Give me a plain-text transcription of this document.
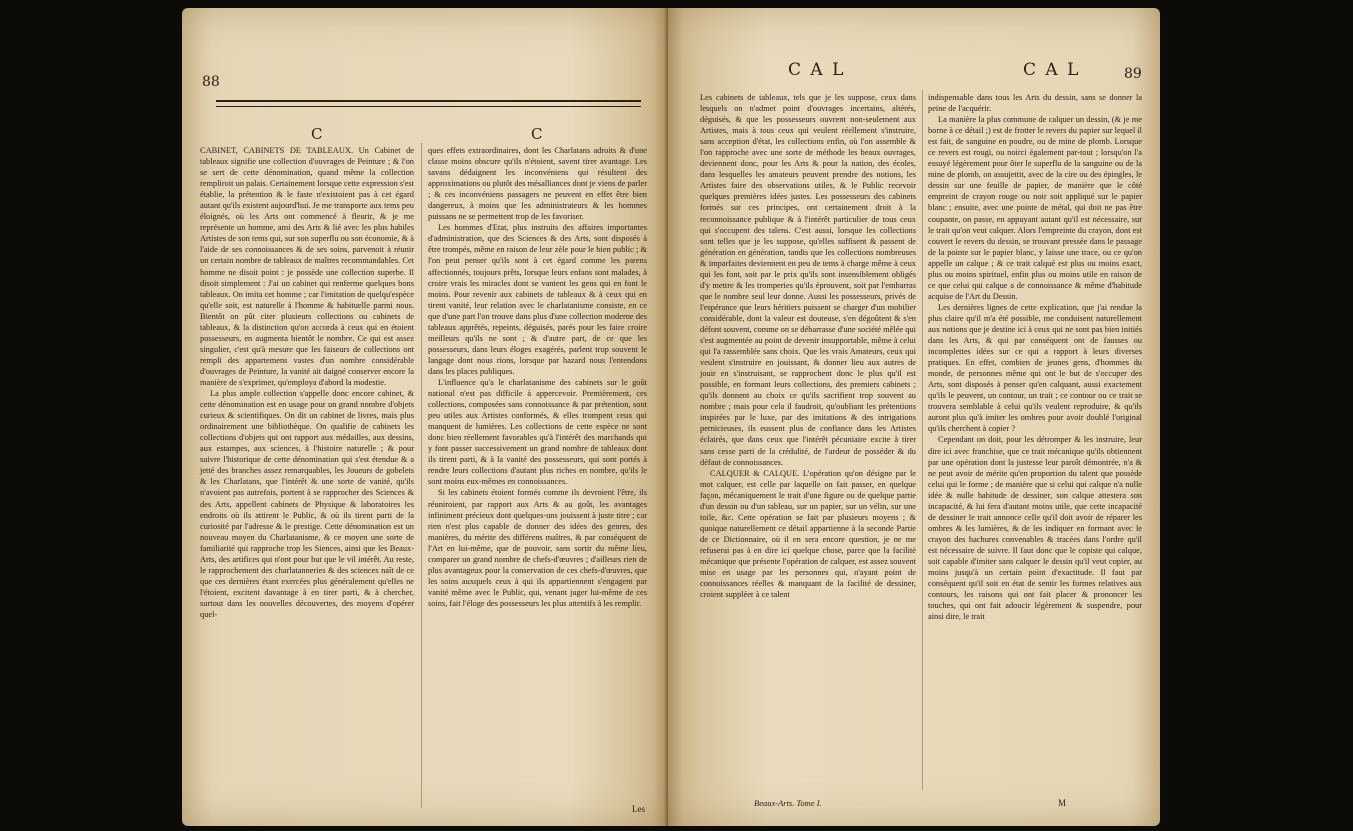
88
C	C

CABINET, CABINETS DE TABLEAUX. Un Cabinet de tableaux signifie une collection d'ouvrages de Peinture ; & l'on se sert de cette dénomination, quand même la collection rempliroit un palais. Certainement lorsque cette expression s'est établie, la prétention & le faste n'existoient pas à cet égard autant qu'ils existent aujourd'hui. Je me transporte aux tems peu éloignés, où les Arts ont commencé à fleurir, & je me représente un homme, ami des Arts & lié avec les plus habiles Artistes de son tems qui, sur son superflu ou son économie, & à l'aide de ses connoissances & de ses soins, parvenoit à réunir un certain nombre de tableaux de maîtres recommandables. Cet homme ne disoit point : je possède une collection superbe. Il disoit simplement : J'ai un cabinet qui renferme quelques bons tableaux. On imita cet homme ; car l'imitation de quelqu'espèce qu'elle soit, est naturelle à l'homme & habituelle parmi nous. Bientôt on pût citer plusieurs collections ou cabinets de tableaux, & la distinction qu'on accorda à ceux qui en étoient possesseurs, en augmenta bientôt le nombre. Ce qui est assez singulier, c'est qu'à mesure que les faiseurs de collections ont rempli des appartemens vastes d'un nombre considérable d'ouvrages de Peinture, la vanité ait daigné conserver encore la manière de s'exprimer, qu'employa d'abord la modestie.

La plus ample collection s'appelle donc encore cabinet, & cette dénomination est en usage pour un grand nombre d'objets curieux & scientifiques. On dit un cabinet de livres, mais plus ordinairement une bibliothèque. On qualifie de cabinets les collections d'objets qui ont rapport aux médailles, aux dessins, aux estampes, aux sciences, à l'histoire naturelle ; & pour suivre l'historique de cette dénomination qui s'est étendue & a jetté des branches assez remarquables, les Joueurs de gobelets & les Charlatans, que l'intérêt & une sorte de vanité, qu'ils n'avoient pas autrefois, portent à se rapprocher des Sciences & des Arts, appellent cabinets de Physique & laboratoires les endroits où ils attirent le Public, & où ils tirent parti de la curiosité par l'adresse & le prestige. Cette dénomination est un nouveau moyen du Charlatanisme, & ce moyen une sorte de familiarité qui rapproche trop les Siences, ainsi que les Beaux-Arts, des artifices qui n'ont pour but que le vil intérêt. Au reste, le rapprochement des charlatanneries & des sciences naît de ce que ces dernières étant exercées plus généralement qu'elles ne l'étoient, excitent davantage à en tirer parti, & à chercher, surtout dans les nouvelles découvertes, des moyens d'opérer quel-

ques effets extraordinaires, dont les Charlatans adroits & d'une classe moins obscure qu'ils n'étoient, savent tirer avantage. Les savans dédaignent les inconvéniens qui résultent des approximations ou plutôt des mésalliances dont je viens de parler ; & ces inconvéniens passagers ne peuvent en effet être bien dangereux, à moins que les administrateurs & les hommes puissans ne se permettent trop de les favoriser.

Les hommes d'Etat, plus instruits des affaires importantes d'administration, que des Sciences & des Arts, sont disposés à être trompés, même en raison de leur zèle pour le bien public ; & l'on peut penser qu'ils sont à cet égard comme les parens affectionnés, toujours prêts, lorsque leurs enfans sont malades, à croire vrais les miracles dont se vantent les gens qui en font le moins. Pour revenir aux cabinets de tableaux & à ceux qui en tirent vanité, leur relation avec le charlatanisme consiste, en ce que d'une part l'on trouve dans plus d'une collection moderne des tableaux apprêtés, repeints, déguisés, parés pour les faire croire meilleurs qu'ils ne sont ; & d'autre part, de ce que les possesseurs, dans leurs éloges exagérés, parlent trop souvent le langage dont nous rions, lorsque par hazard nous l'entendons dans les places publiques.

L'influence qu'a le charlatanisme des cabinets sur le goût national n'est pas difficile à appercevoir. Premièrement, ces collections, composées sans connoissance & par prétention, sont peu utiles aux Artistes conformés, & elles trompent ceux qui manquent de lumières. Les collections de cette espèce ne sont donc bien réellement favorables qu'à l'intérêt des marchands qui y font passer successivement un grand nombre de tableaux dont ils tirent parti, & à la vanité des possesseurs, qui sont portés à rendre leurs collections d'autant plus riches en nombre, qu'ils le sont moins eux-mêmes en connoissances.

Si les cabinets étoient formés comme ils devroient l'être, ils réuniroient, par rapport aux Arts & au goût, les avantages infiniment précieux dont quelques-uns jouissent à juste titre ; car rien n'est plus capable de donner des idées des genres, des manières, du mérite des différens maîtres, & par conséquent de l'Art en lui-même, que de pouvoir, sans sortir du même lieu, comparer un grand nombre de chefs-d'œuvres ; d'ailleurs rien de plus avantageux pour la conservation de ces chefs-d'œuvres, que les soins auxquels ceux à qui ils appartiennent s'engagent par vanité même avec le Public, qui, venant juger lui-même de ces soins, fait l'éloge des possesseurs les plus attentifs à les remplir.

Les
C A L	C A L	89

Les cabinets de tableaux, tels que je les suppose, ceux dans lesquels on n'admet point d'ouvrages incertains, altérés, déguisés, & que les possesseurs ouvrent non-seulement aux Artistes, mais à tous ceux qui veulent réellement s'instruire, sans acception d'état, les collections enfin, où l'on assemble & l'on rapproche avec une sorte de méthode les beaux ouvrages, deviennent donc, pour les Arts & pour la nation, des écoles, dans lesquelles les amateurs peuvent prendre des notions, les Artistes faire des observations utiles, & le Public recevoir quelques premières idées justes. Les possesseurs des cabinets formés sur ces principes, ont certainement droit à la reconnoissance publique & à l'intérêt particulier de tous ceux qui s'occupent des talens. C'est aussi, lorsque les collections sont telles que je les suppose, qu'elles suffisent & passent de génération en génération, tandis que les collections nombreuses & imparfaites deviennent en peu de tems à charge même à ceux qui les font, soit par le prix qu'ils sont insensiblement obligés d'y mettre & les tromperies qu'ils éprouvent, soit par l'embarras que le nombre seul leur donne. Aussi les possesseurs, privés de l'espérance que leurs héritiers puissent se charger d'un mobilier considérable, dont la valeur est douteuse, s'en dégoûtent & s'en défont souvent, comme on se débarrasse d'une société mêlée qui s'est augmentée au point de devenir insupportable, même à celui qui l'a rassemblée sans choix. Que les vrais Amateurs, ceux qui veulent s'instruire en jouissant, & donner lieu aux autres de jouir en s'instruisant, se rapprochent donc le plus qu'il est possible, en formant leurs collections, des premiers cabinets ; qu'ils donnent au choix ce qu'ils sacrifient trop souvent au nombre ; mais pour cela il faudroit, qu'oubliant les prétentions inspirées par le luxe, par des imitations & des intrigations pernicieuses, ils eussent plus de confiance dans les Artistes éclairés, que dans ceux que l'intérêt pécuniaire excite à tirer sans cesse parti de la crédulité, de l'ardeur de posséder & du défaut de connoissances.

CALQUER & CALQUE. L'opération qu'on désigne par le mot calquer, est celle par laquelle on fait passer, en quelque façon, mécaniquement le trait d'une figure ou de quelque partie d'un dessin ou d'un tableau, sur un papier, sur un vélin, sur une toile, &c. Cette opération se fait par plusieurs moyens ; & quoique naturellement ce détail appartienne à la seconde Partie de ce Dictionnaire, où il en sera encore question, je ne me refuserai pas à en dire ici quelque chose, parce que la facilité mécanique que présente l'opération de calquer, est assez souvent mise en usage par les personnes qui, n'ayant point de connoissances réelles & manquant de la facilité de dessiner, croient suppléer à ce talent

indispensable dans tous les Arts du dessin, sans se donner la peine de l'acquérir.

La manière la plus commune de calquer un dessin, (& je me borne à ce détail ;) est de frotter le revers du papier sur lequel il est fait, de sanguine en poudre, ou de mine de plomb. Lorsque ce revers est rougi, ou noirci également par-tout ; lorsqu'on l'a essuyé légèrement pour ôter le superflu de la sanguine ou de la mine de plomb, on assujettit, avec de la cire ou des épingles, le dessin sur une feuille de papier, de manière que le côté empreint de crayon rouge ou noir soit appliqué sur le papier blanc ; ensuite, avec une pointe de métal, qui doit ne pas être coupante, on passe, en appuyant autant qu'il est nécessaire, sur le trait qu'on veut calquer. Alors l'empreinte du crayon, dont est couvert le revers du dessin, se trouvant pressée dans le passage de la pointe sur le papier blanc, y laisse une trace, ou ce qu'on appelle un calque ; & ce trait calqué est plus ou moins exact, plus ou moins spirituel, enfin plus ou moins utile en raison de ce que celui qui calque a de connoissance & même d'habitude acquise de l'Art du Dessin.

Les dernières lignes de cette explication, que j'ai rendue la plus claire qu'il m'a été possible, me conduisent naturellement aux notions que je destine ici à ceux qui ne sont pas bien initiés dans les Arts, & qui par conséquent ont de fausses ou incomplettes idées sur ce qui a rapport à leurs diverses pratiques. En effet, combien de jeunes gens, d'hommes du monde, de personnes même qui ont le but de s'occuper des Arts, sont disposés à penser qu'en calquant, aussi exactement qu'ils le peuvent, un contour, un trait ; ce contour ou ce trait se trouvera semblable à celui qu'ils veulent reproduire, & qu'ils auront plus qu'à imiter les ombres pour avoir doublé l'original qu'ils cherchent à copier ?

Cependant on doit, pour les détromper & les instruire, leur dire ici avec franchise, que ce trait mécanique qu'ils obtiennent par une opération dont la justesse leur paroît démontrée, n'a & ne peut avoir de mérite qu'en proportion du talent que possède celui qui le forme ; de manière que si celui qui calque n'a nulle idée & nulle habitude de dessiner, son calque attestera son incapacité, & lui fera d'autant moins utile, que cette incapacité de dessiner le trait annonce celle qu'il doit avoir de réparer les ombres & les lumières, & de les indiquer en formant avec le crayon des hachures convenables & tracées dans l'ordre qu'il est nécessaire de suivre. Il faut donc que le copiste qui calque, soit capable d'imiter sans calquer le dessin qu'il veut copier, au moins jusqu'à un certain point d'exactitude. Il faut par conséquent qu'il soit en état de sentir les formes relatives aux contours, les raisons qui ont fait placer & prononcer les touches, qui ont fait adoucir légèrement & suspendre, pour ainsi dire, le trait

Beaux-Arts. Tome I.	M
